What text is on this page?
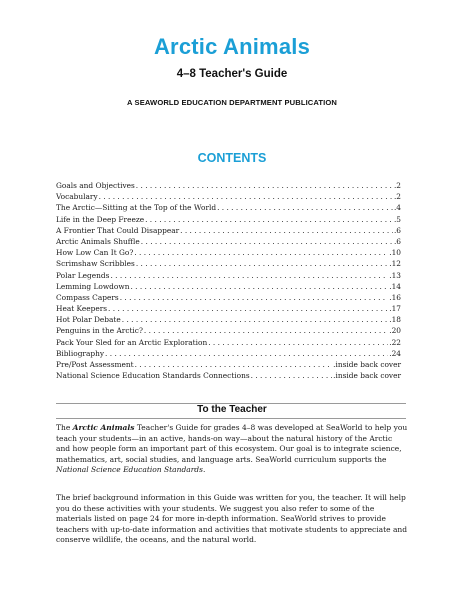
Arctic Animals
4–8 Teacher's Guide
A SEAWORLD EDUCATION DEPARTMENT PUBLICATION
CONTENTS
Goals and Objectives . . .	.2
Vocabulary . . .	.2
The Arctic—Sitting at the Top of the World . . .	.4
Life in the Deep Freeze . . .	.5
A Frontier That Could Disappear . . .	.6
Arctic Animals Shuffle . . .	.6
How Low Can It Go? . . .	.10
Scrimshaw Scribbles . . .	.12
Polar Legends . . .	.13
Lemming Lowdown . . .	.14
Compass Capers . . .	.16
Heat Keepers . . .	.17
Hot Polar Debate . . .	.18
Penguins in the Arctic? . . .	.20
Pack Your Sled for an Arctic Exploration . . .	.22
Bibliography . . .	.24
Pre/Post Assessment . . .	.inside back cover
National Science Education Standards Connections . . .	.inside back cover
To the Teacher
The Arctic Animals Teacher's Guide for grades 4–8 was developed at SeaWorld to help you teach your students—in an active, hands-on way—about the natural history of the Arctic and how people form an important part of this ecosystem. Our goal is to integrate science, mathematics, art, social studies, and language arts. SeaWorld curriculum supports the National Science Education Standards.
The brief background information in this Guide was written for you, the teacher. It will help you do these activities with your students. We suggest you also refer to some of the materials listed on page 24 for more in-depth information. SeaWorld strives to provide teachers with up-to-date information and activities that motivate students to appreciate and conserve wildlife, the oceans, and the natural world.
